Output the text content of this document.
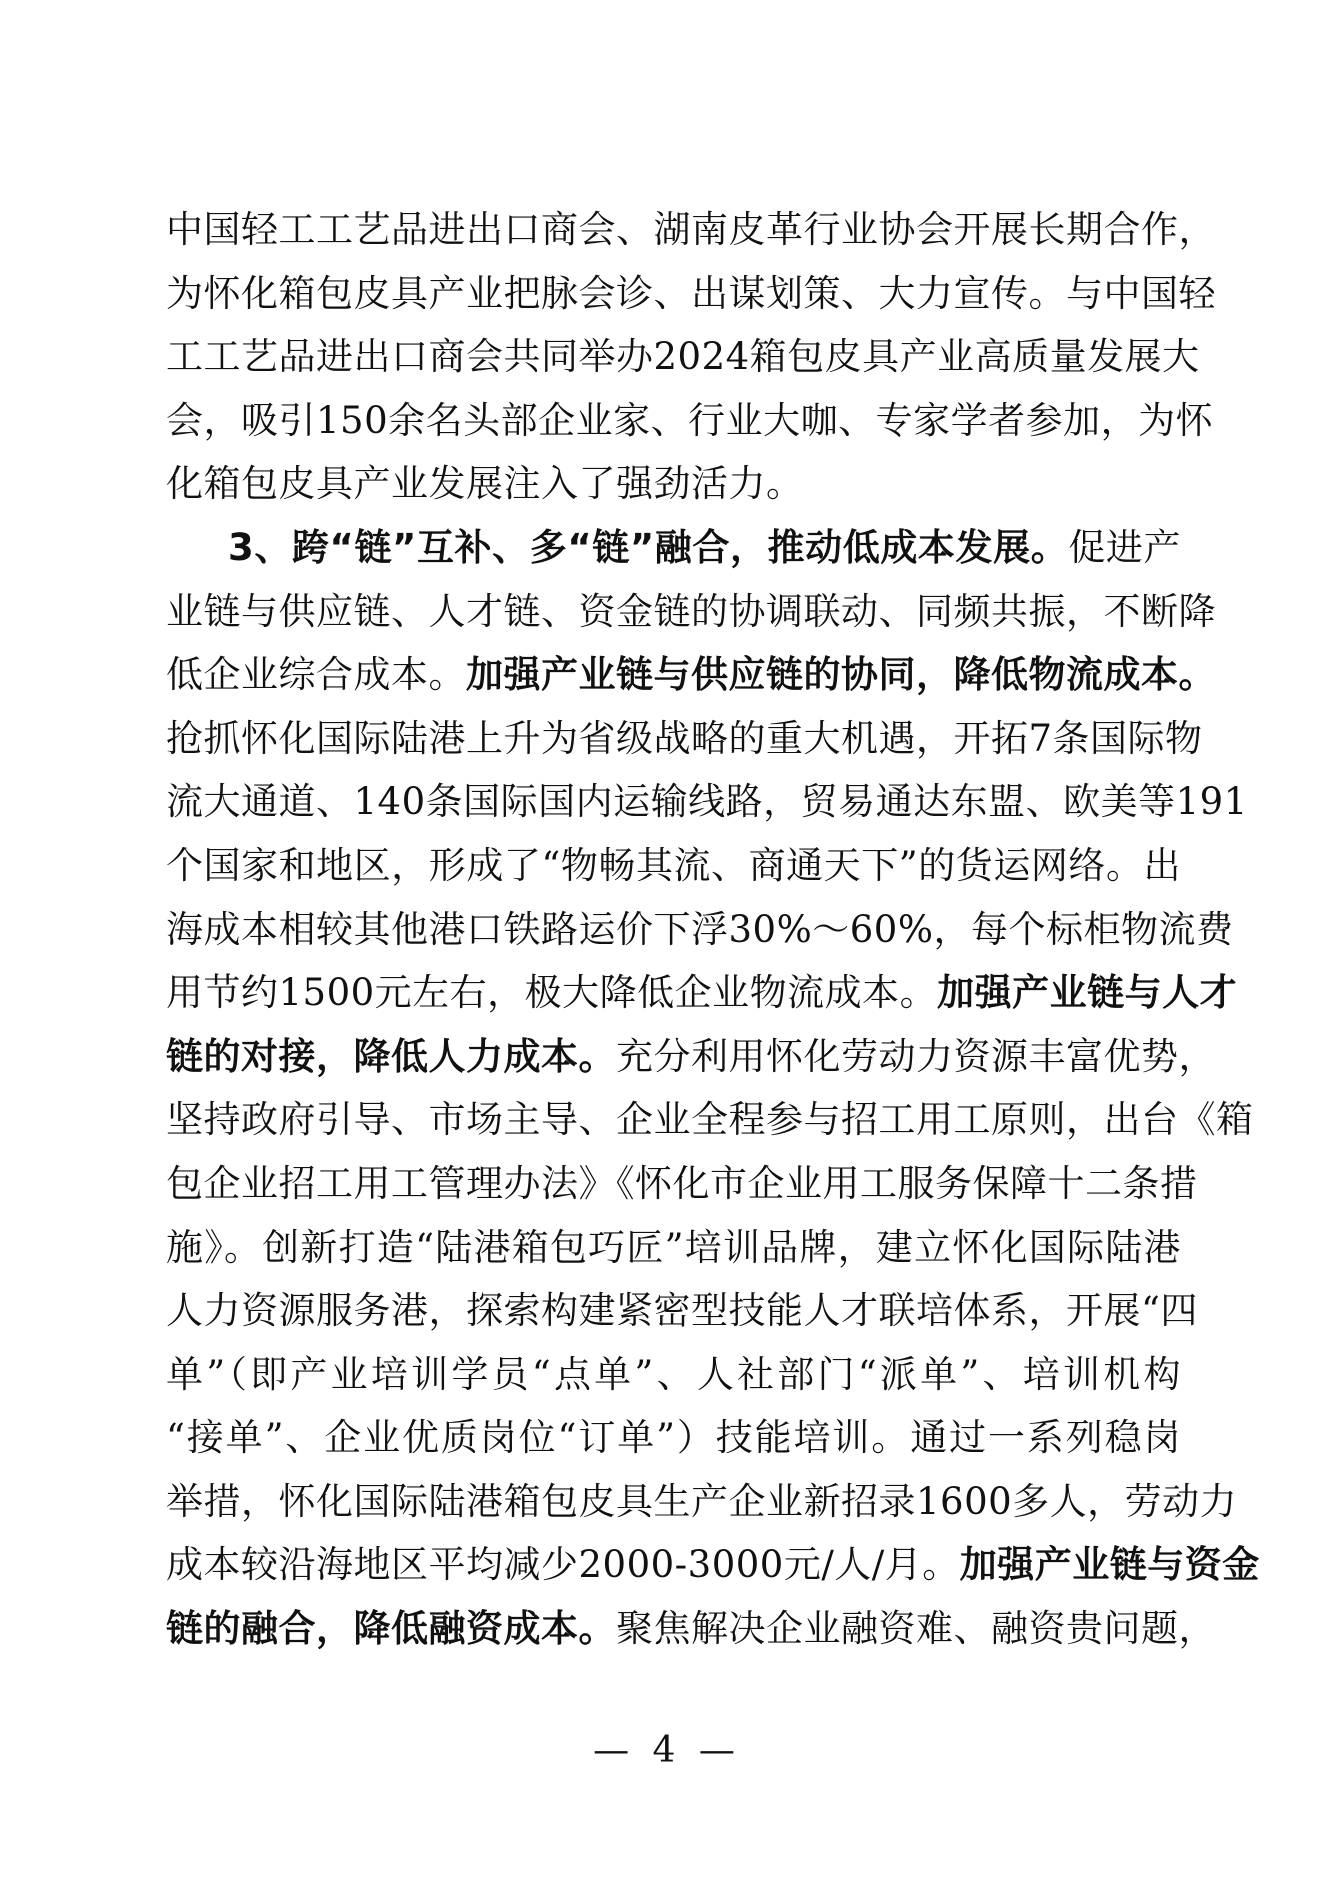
中国轻工工艺品进出口商会、湖南皮革行业协会开展长期合作，
为怀化箱包皮具产业把脉会诊、出谋划策、大力宣传。与中国轻
工工艺品进出口商会共同举办2024箱包皮具产业高质量发展大
会，吸引150余名头部企业家、行业大咖、专家学者参加，为怀
化箱包皮具产业发展注入了强劲活力。
3、跨“链”互补、多“链”融合，推动低成本发展。促进产
业链与供应链、人才链、资金链的协调联动、同频共振，不断降
低企业综合成本。加强产业链与供应链的协同，降低物流成本。
抢抓怀化国际陆港上升为省级战略的重大机遇，开拓7条国际物
流大通道、140条国际国内运输线路，贸易通达东盟、欧美等191
个国家和地区，形成了“物畅其流、商通天下”的货运网络。出
海成本相较其他港口铁路运价下浮30%～60%，每个标柜物流费
用节约1500元左右，极大降低企业物流成本。加强产业链与人才
链的对接，降低人力成本。充分利用怀化劳动力资源丰富优势，
坚持政府引导、市场主导、企业全程参与招工用工原则，出台《箱
包企业招工用工管理办法》《怀化市企业用工服务保障十二条措
施》。创新打造“陆港箱包巧匠”培训品牌，建立怀化国际陆港
人力资源服务港，探索构建紧密型技能人才联培体系，开展“四
单”（即产业培训学员“点单”、人社部门“派单”、培训机构
“接单”、企业优质岗位“订单”）技能培训。通过一系列稳岗
举措，怀化国际陆港箱包皮具生产企业新招录1600多人，劳动力
成本较沿海地区平均减少2000-3000元/人/月。加强产业链与资金
链的融合，降低融资成本。聚焦解决企业融资难、融资贵问题，
— 4 —
